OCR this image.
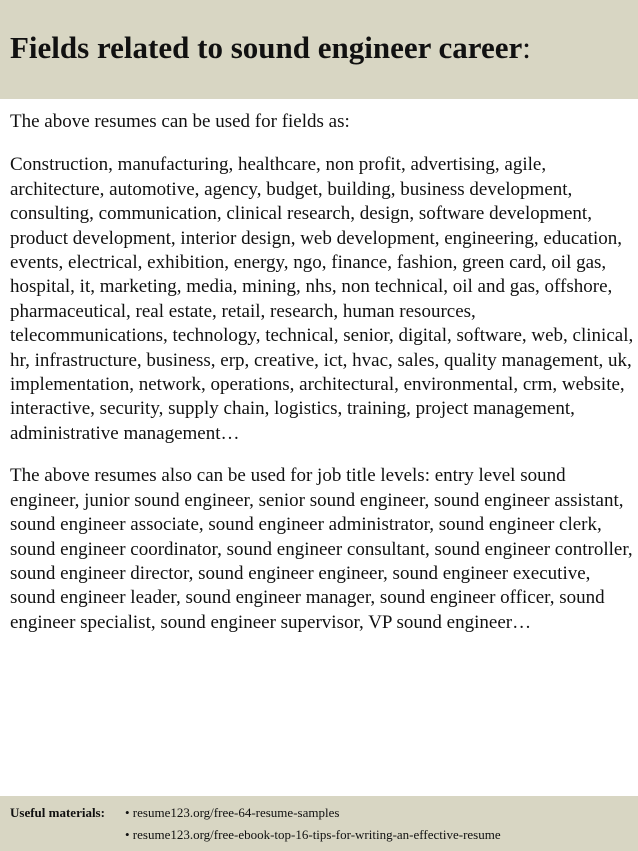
Fields related to sound engineer career:

The above resumes can be used for fields as:

Construction, manufacturing, healthcare, non profit, advertising, agile, architecture, automotive, agency, budget, building, business development, consulting, communication, clinical research, design, software development, product development, interior design, web development, engineering, education, events, electrical, exhibition, energy, ngo, finance, fashion, green card, oil gas, hospital, it, marketing, media, mining, nhs, non technical, oil and gas, offshore, pharmaceutical, real estate, retail, research, human resources, telecommunications, technology, technical, senior, digital, software, web, clinical, hr, infrastructure, business, erp, creative, ict, hvac, sales, quality management, uk, implementation, network, operations, architectural, environmental, crm, website, interactive, security, supply chain, logistics, training, project management, administrative management…

The above resumes also can be used for job title levels: entry level sound engineer, junior sound engineer, senior sound engineer, sound engineer assistant, sound engineer associate, sound engineer administrator, sound engineer clerk, sound engineer coordinator, sound engineer consultant, sound engineer controller, sound engineer director, sound engineer engineer, sound engineer executive, sound engineer leader, sound engineer manager, sound engineer officer, sound engineer specialist, sound engineer supervisor, VP sound engineer…

Useful materials: • resume123.org/free-64-resume-samples
• resume123.org/free-ebook-top-16-tips-for-writing-an-effective-resume
